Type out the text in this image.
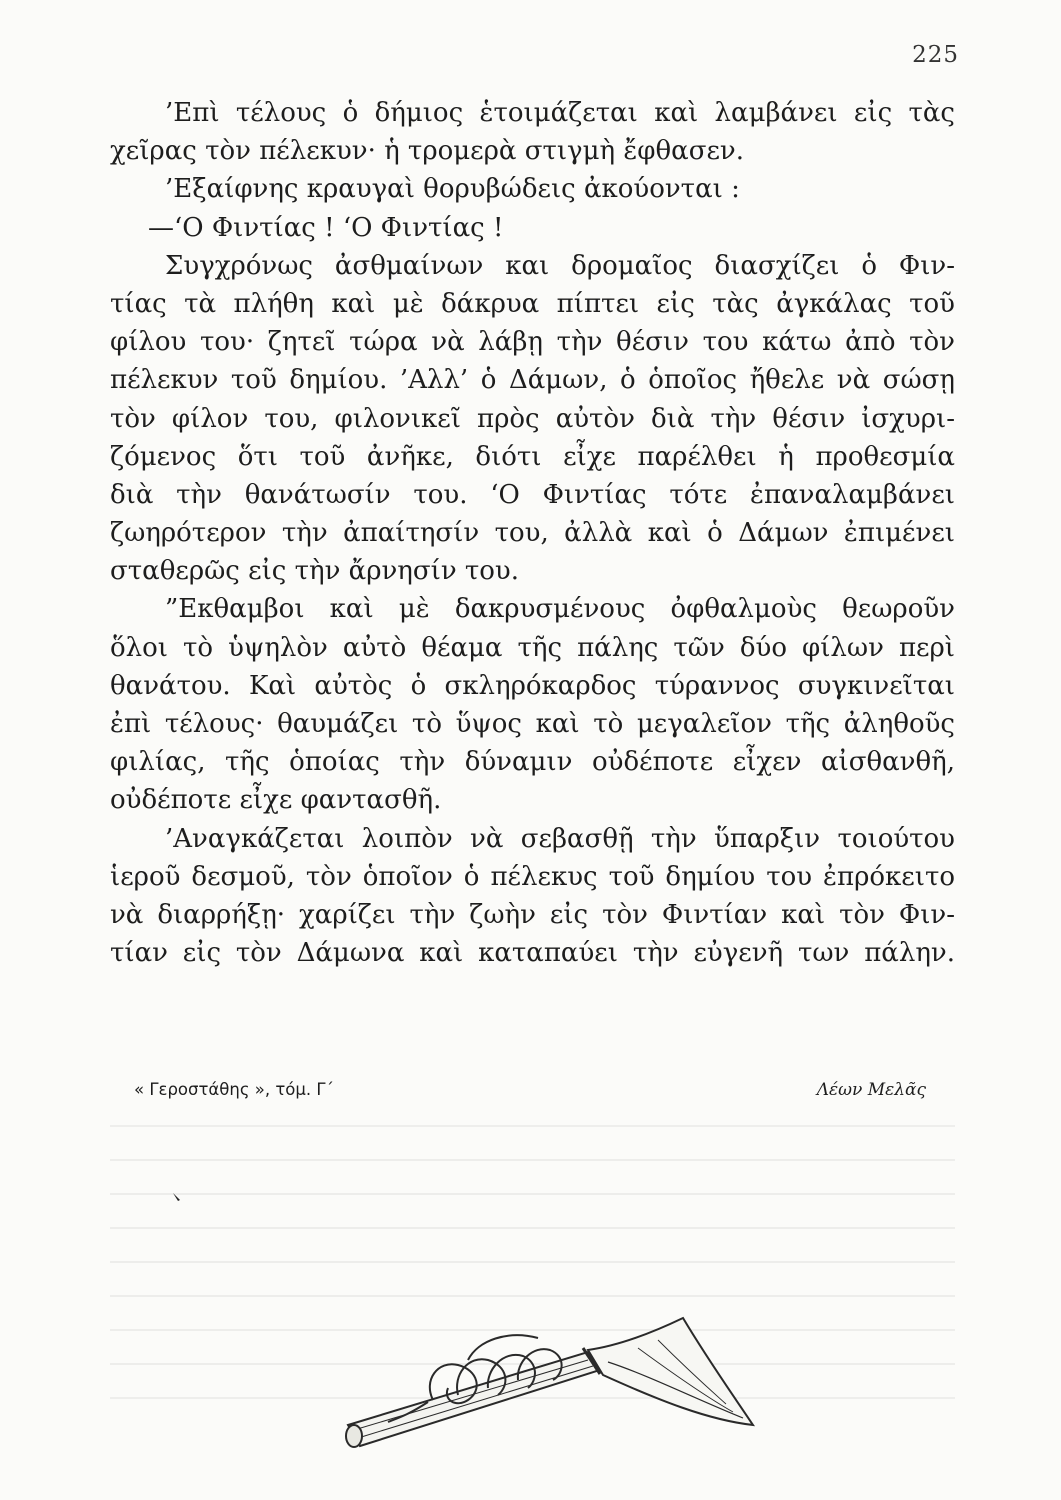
225
’Επὶ τέλους ὁ δήμιος ἑτοιμάζεται καὶ λαμβάνει εἰς τὰς
χεῖρας τὸν πέλεκυν· ἡ τρομερὰ στιγμὴ ἔφθασεν.
’Εξαίφνης κραυγαὶ θορυβώδεις ἀκούονται :
—‘Ο Φιντίας ! ‘Ο Φιντίας !
Συγχρόνως ἀσθμαίνων και δρομαῖος διασχίζει ὁ Φιν-
τίας τὰ πλήθη καὶ μὲ δάκρυα πίπτει εἰς τὰς ἀγκάλας τοῦ
φίλου του· ζητεῖ τώρα νὰ λάβῃ τὴν θέσιν του κάτω ἀπὸ τὸν
πέλεκυν τοῦ δημίου. ’Αλλ’ ὁ Δάμων, ὁ ὁποῖος ἤθελε νὰ σώσῃ
τὸν φίλον του, φιλονικεῖ πρὸς αὐτὸν διὰ τὴν θέσιν ἰσχυρι-
ζόμενος ὅτι τοῦ ἀνῆκε, διότι εἶχε παρέλθει ἡ προθεσμία
διὰ τὴν θανάτωσίν του. ‘Ο Φιντίας τότε ἐπαναλαμβάνει
ζωηρότερον τὴν ἀπαίτησίν του, ἀλλὰ καὶ ὁ Δάμων ἐπιμένει
σταθερῶς εἰς τὴν ἄρνησίν του.
”Εκθαμβοι καὶ μὲ δακρυσμένους ὀφθαλμοὺς θεωροῦν
ὅλοι τὸ ὑψηλὸν αὐτὸ θέαμα τῆς πάλης τῶν δύο φίλων περὶ
θανάτου. Καὶ αὐτὸς ὁ σκληρόκαρδος τύραννος συγκινεῖται
ἐπὶ τέλους· θαυμάζει τὸ ὕψος καὶ τὸ μεγαλεῖον τῆς ἀληθοῦς
φιλίας, τῆς ὁποίας τὴν δύναμιν οὐδέποτε εἶχεν αἰσθανθῆ,
οὐδέποτε εἶχε φαντασθῆ.
’Αναγκάζεται λοιπὸν νὰ σεβασθῇ τὴν ὕπαρξιν τοιούτου
ἱεροῦ δεσμοῦ, τὸν ὁποῖον ὁ πέλεκυς τοῦ δημίου του ἐπρόκειτο
νὰ διαρρήξῃ· χαρίζει τὴν ζωὴν εἰς τὸν Φιντίαν καὶ τὸν Φιν-
τίαν εἰς τὸν Δάμωνα καὶ καταπαύει τὴν εὐγενῆ των πάλην.
« Γεροστάθης », τόμ. Γ΄	Λέων Μελᾶς
